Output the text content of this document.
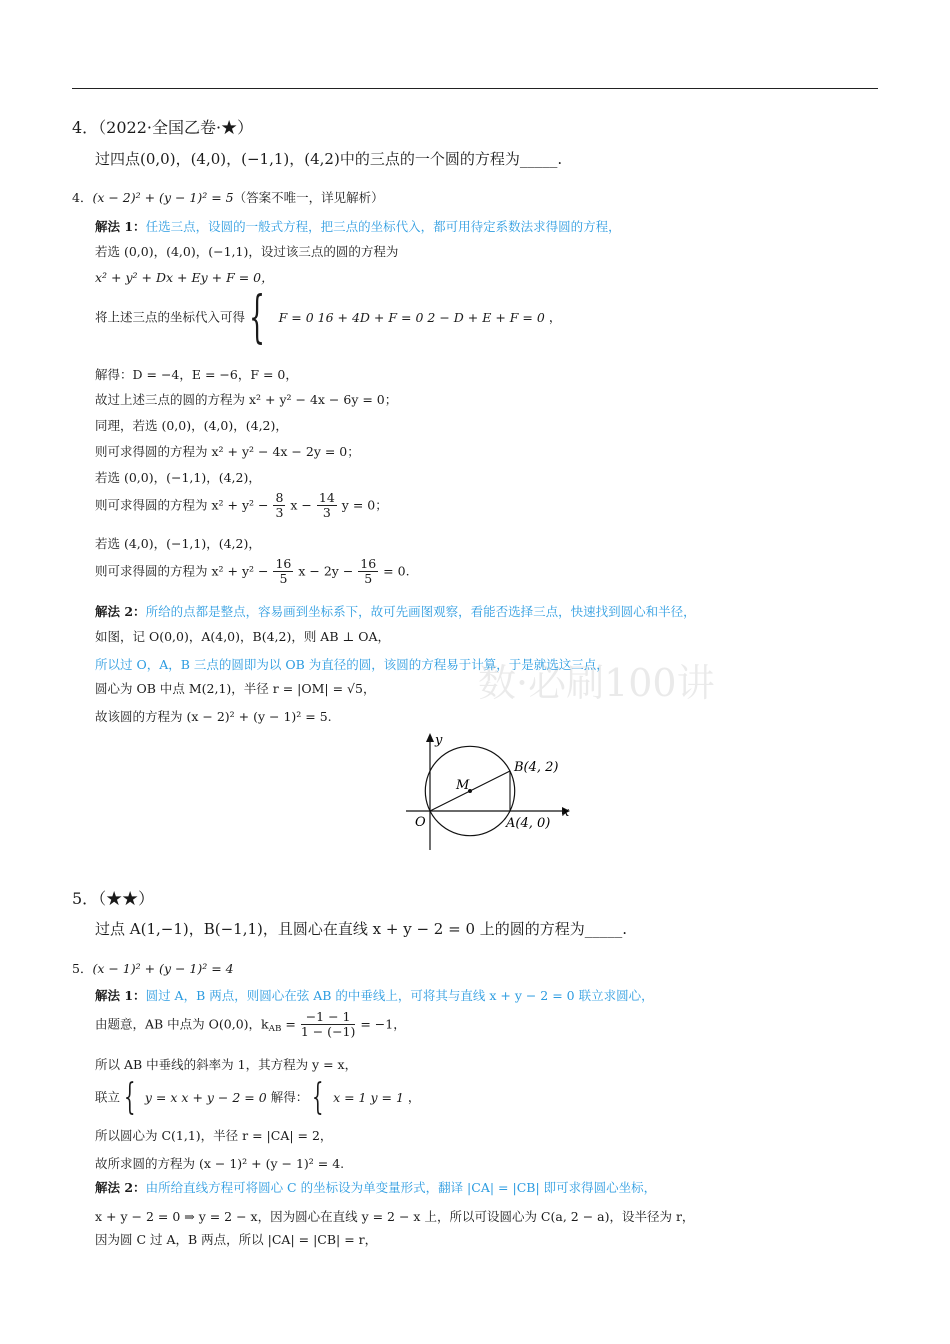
数·必刷100讲
4．（2022·全国乙卷·★）
过四点(0,0)，(4,0)，(−1,1)，(4,2)中的三点的一个圆的方程为_____.
4．(x − 2)² + (y − 1)² = 5（答案不唯一，详见解析）
解法 1：任选三点，设圆的一般式方程，把三点的坐标代入，都可用待定系数法求得圆的方程，
若选 (0,0)，(4,0)，(−1,1)，设过该三点的圆的方程为
x² + y² + Dx + Ey + F = 0，
将上述三点的坐标代入可得 { F = 0 16 + 4D + F = 0 2 − D + E + F = 0 ，
解得：D = −4，E = −6，F = 0，
故过上述三点的圆的方程为 x² + y² − 4x − 6y = 0；
同理，若选 (0,0)，(4,0)，(4,2)，
则可求得圆的方程为 x² + y² − 4x − 2y = 0；
若选 (0,0)，(−1,1)，(4,2)，
则可求得圆的方程为 $x^2 + y^2 - \frac{8}{3}$ $x - \frac{14}{3}$ y = 0；
若选 (4,0)，(−1,1)，(4,2)，
则可求得圆的方程为 $x^2 + y^2 - \frac{16}{5}$ $x - 2y - \frac{16}{5} = 0$.
解法 2：所给的点都是整点，容易画到坐标系下，故可先画图观察，看能否选择三点，快速找到圆心和半径，
如图，记 O(0,0)，A(4,0)，B(4,2)，则 AB ⊥ OA，
所以过 O，A，B 三点的圆即为以 OB 为直径的圆，该圆的方程易于计算，于是就选这三点，
圆心为 OB 中点 M(2,1)，半径 r = |OM| = √5，
故该圆的方程为 (x − 2)² + (y − 1)² = 5.
y
x
O
M
B(4, 2)
A(4, 0)
5．（★★）
过点 A(1,−1)，B(−1,1)，且圆心在直线 x + y − 2 = 0 上的圆的方程为_____.
5．(x − 1)² + (y − 1)² = 4
解法 1：圆过 A，B 两点，则圆心在弦 AB 的中垂线上，可将其与直线 x + y − 2 = 0 联立求圆心，
由题意，AB 中点为 O(0,0)，$k_{AB} = \frac{-1 - 1}{1 - (-1)} = -1$，
所以 AB 中垂线的斜率为 1，其方程为 y = x，
联立 { y = x x + y − 2 = 0 解得： { x = 1 y = 1 ，
所以圆心为 C(1,1)，半径 r = |CA| = 2，
故所求圆的方程为 (x − 1)² + (y − 1)² = 4.
解法 2：由所给直线方程可将圆心 C 的坐标设为单变量形式，翻译 |CA| = |CB| 即可求得圆心坐标，
x + y − 2 = 0 ⇒ y = 2 − x，因为圆心在直线 y = 2 − x 上，所以可设圆心为 C(a, 2 − a)，设半径为 r，
因为圆 C 过 A，B 两点，所以 |CA| = |CB| = r，
